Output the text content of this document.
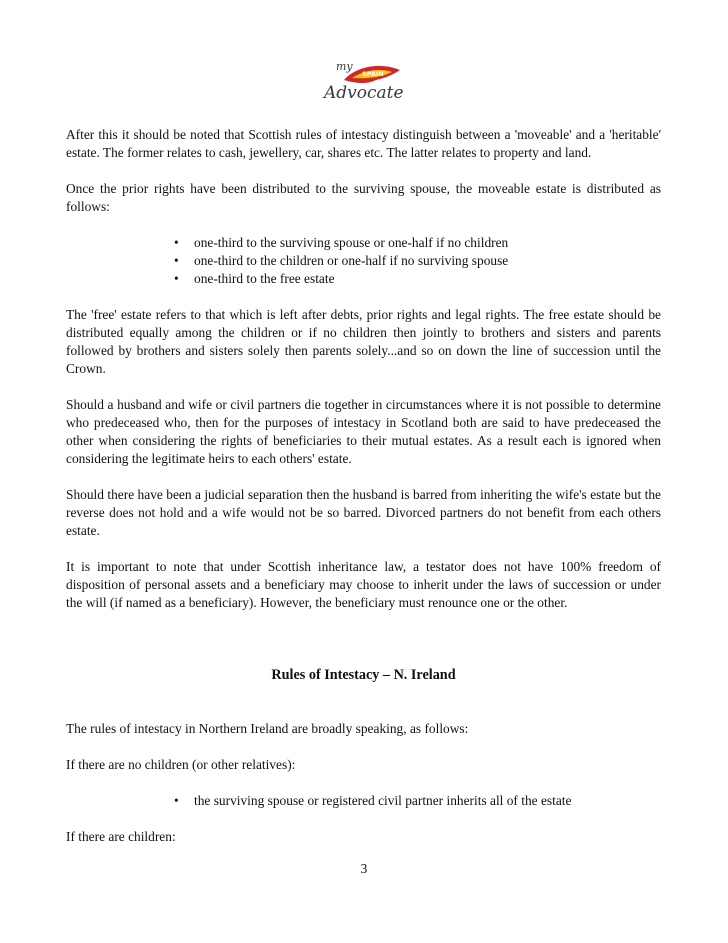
my
SPAIN
Advocate

After this it should be noted that Scottish rules of intestacy distinguish between a 'moveable' and a 'heritable' estate. The former relates to cash, jewellery, car, shares etc. The latter relates to property and land.

Once the prior rights have been distributed to the surviving spouse, the moveable estate is distributed as follows:

• one-third to the surviving spouse or one-half if no children
• one-third to the children or one-half if no surviving spouse
• one-third to the free estate

The 'free' estate refers to that which is left after debts, prior rights and legal rights. The free estate should be distributed equally among the children or if no children then jointly to brothers and sisters and parents followed by brothers and sisters solely then parents solely...and so on down the line of succession until the Crown.

Should a husband and wife or civil partners die together in circumstances where it is not possible to determine who predeceased who, then for the purposes of intestacy in Scotland both are said to have predeceased the other when considering the rights of beneficiaries to their mutual estates. As a result each is ignored when considering the legitimate heirs to each others' estate.

Should there have been a judicial separation then the husband is barred from inheriting the wife's estate but the reverse does not hold and a wife would not be so barred. Divorced partners do not benefit from each others estate.

It is important to note that under Scottish inheritance law, a testator does not have 100% freedom of disposition of personal assets and a beneficiary may choose to inherit under the laws of succession or under the will (if named as a beneficiary). However, the beneficiary must renounce one or the other.

Rules of Intestacy – N. Ireland

The rules of intestacy in Northern Ireland are broadly speaking, as follows:

If there are no children (or other relatives):

• the surviving spouse or registered civil partner inherits all of the estate

If there are children:

3
